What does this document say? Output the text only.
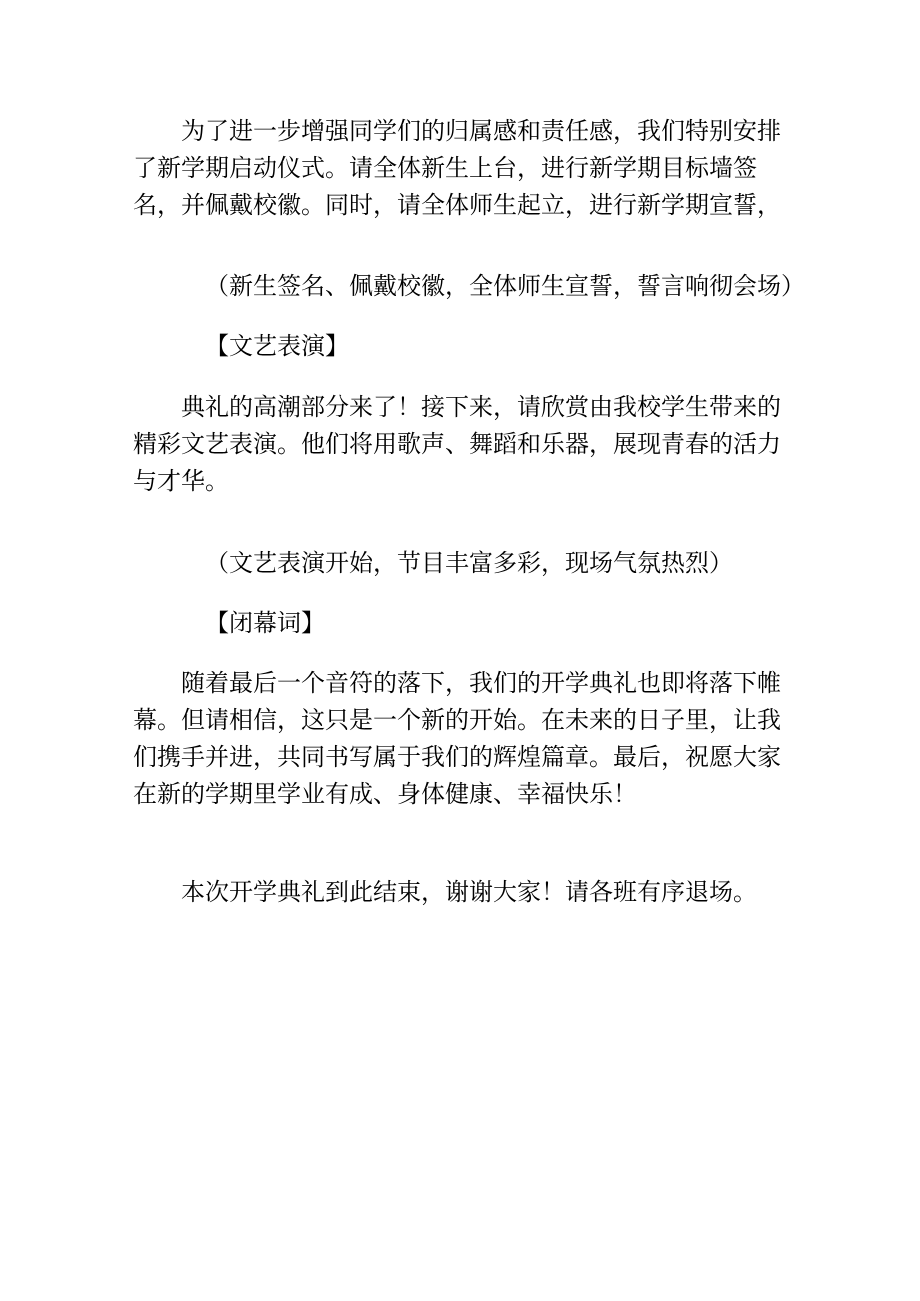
为了进一步增强同学们的归属感和责任感，我们特别安排了新学期启动仪式。请全体新生上台，进行新学期目标墙签名，并佩戴校徽。同时，请全体师生起立，进行新学期宣誓，

（新生签名、佩戴校徽，全体师生宣誓，誓言响彻会场）

【文艺表演】

典礼的高潮部分来了！接下来，请欣赏由我校学生带来的精彩文艺表演。他们将用歌声、舞蹈和乐器，展现青春的活力与才华。

（文艺表演开始，节目丰富多彩，现场气氛热烈）

【闭幕词】

随着最后一个音符的落下，我们的开学典礼也即将落下帷幕。但请相信，这只是一个新的开始。在未来的日子里，让我们携手并进，共同书写属于我们的辉煌篇章。最后，祝愿大家在新的学期里学业有成、身体健康、幸福快乐！

本次开学典礼到此结束，谢谢大家！请各班有序退场。
